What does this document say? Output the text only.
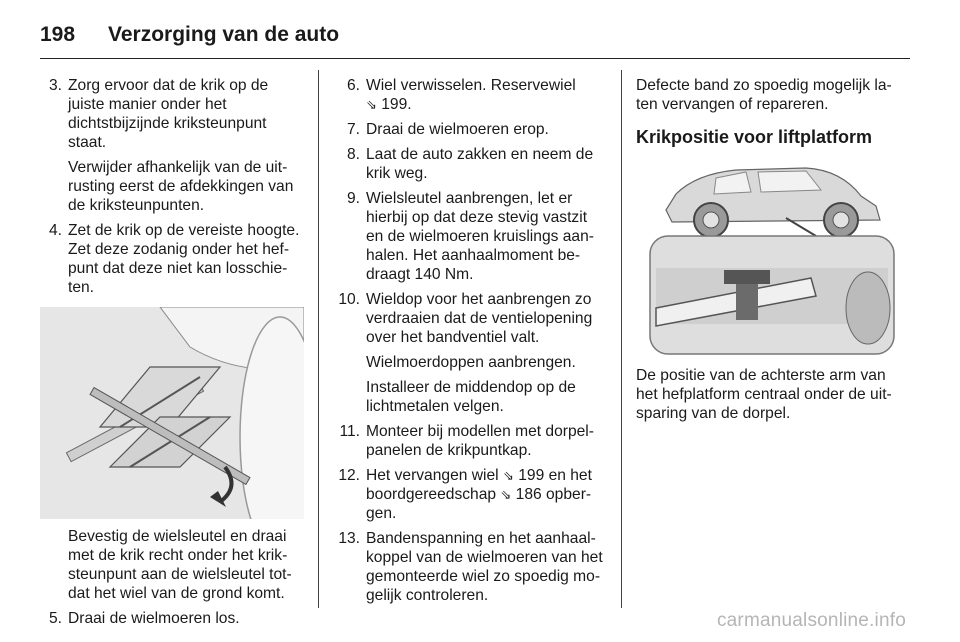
198	Verzorging van de auto
3. Zorg ervoor dat de krik op de juiste manier onder het dichtstbijzijnde kriksteunpunt staat.
Verwijder afhankelijk van de uit-rusting eerst de afdekkingen van de kriksteunpunten.
4. Zet de krik op de vereiste hoogte. Zet deze zodanig onder het hef-punt dat deze niet kan losschie-ten.
Bevestig de wielsleutel en draai met de krik recht onder het krik-steunpunt aan de wielsleutel tot-dat het wiel van de grond komt.
5. Draai de wielmoeren los.
6. Wiel verwisselen. Reservewiel
⇘ 199.
7. Draai de wielmoeren erop.
8. Laat de auto zakken en neem de krik weg.
9. Wielsleutel aanbrengen, let er hierbij op dat deze stevig vastzit en de wielmoeren kruislings aan-halen. Het aanhaalmoment be-draagt 140 Nm.
10. Wieldop voor het aanbrengen zo verdraaien dat de ventielopening over het bandventiel valt.
Wielmoerdoppen aanbrengen.
Installeer de middendop op de lichtmetalen velgen.
11. Monteer bij modellen met dorpel-panelen de krikpuntkap.
12. Het vervangen wiel ⇘ 199 en het boordgereedschap ⇘ 186 opber-gen.
13. Bandenspanning en het aanhaal-koppel van de wielmoeren van het gemonteerde wiel zo spoedig mo-gelijk controleren.
Defecte band zo spoedig mogelijk la-ten vervangen of repareren.
Krikpositie voor liftplatform
De positie van de achterste arm van het hefplatform centraal onder de uit-sparing van de dorpel.
carmanualsonline.info
